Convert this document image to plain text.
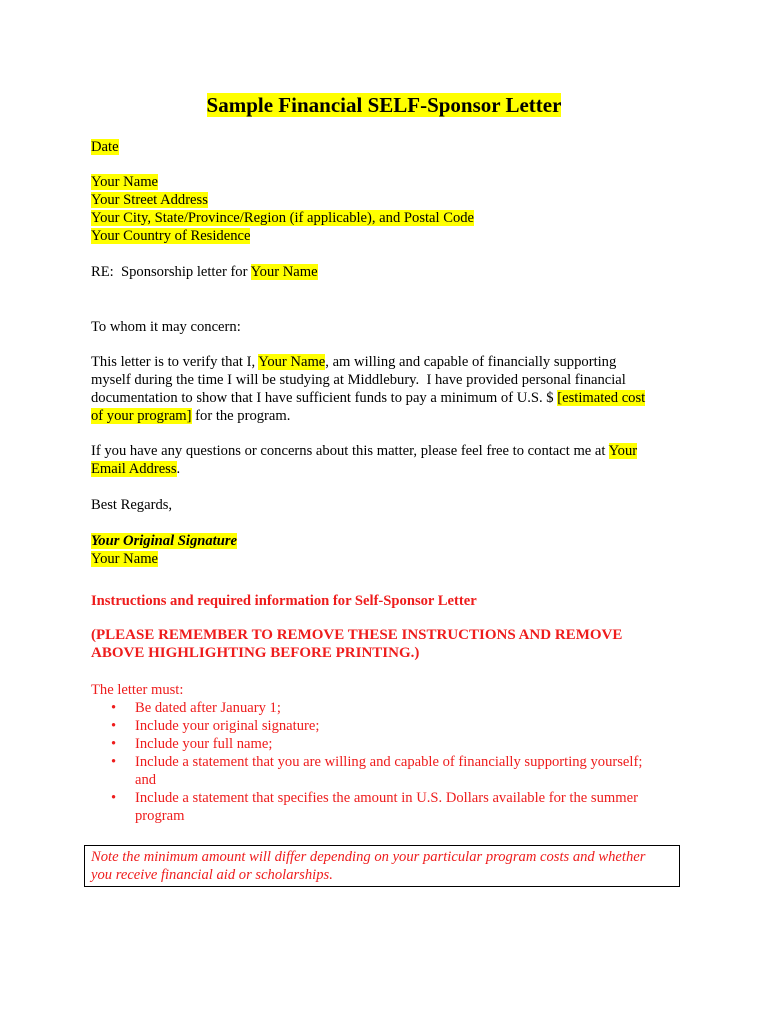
Sample Financial SELF-Sponsor Letter
Date
Your Name
Your Street Address
Your City, State/Province/Region (if applicable), and Postal Code
Your Country of Residence
RE:  Sponsorship letter for Your Name
To whom it may concern:
This letter is to verify that I, Your Name, am willing and capable of financially supporting
myself during the time I will be studying at Middlebury.  I have provided personal financial
documentation to show that I have sufficient funds to pay a minimum of U.S. $ [estimated cost
of your program] for the program.
If you have any questions or concerns about this matter, please feel free to contact me at Your
Email Address.
Best Regards,
Your Original Signature
Your Name
Instructions and required information for Self-Sponsor Letter
(PLEASE REMEMBER TO REMOVE THESE INSTRUCTIONS AND REMOVE
ABOVE HIGHLIGHTING BEFORE PRINTING.)
The letter must:
• Be dated after January 1;
• Include your original signature;
• Include your full name;
• Include a statement that you are willing and capable of financially supporting yourself;
and
• Include a statement that specifies the amount in U.S. Dollars available for the summer
program
Note the minimum amount will differ depending on your particular program costs and whether
you receive financial aid or scholarships.
